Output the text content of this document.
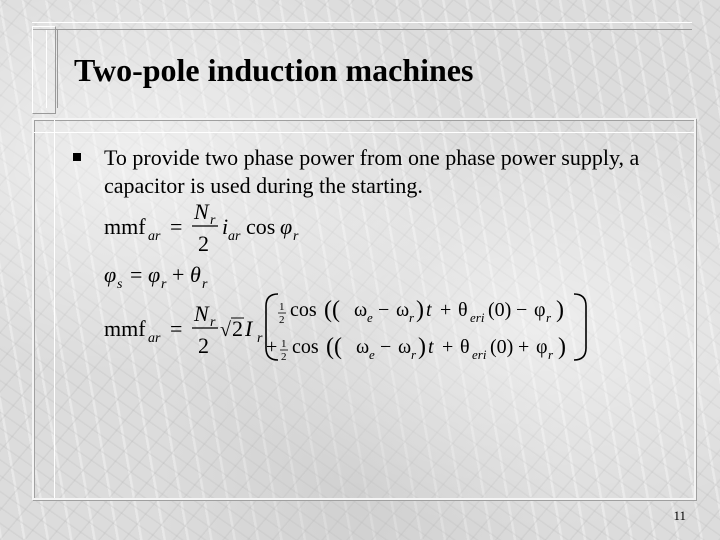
Two-pole induction machines

To provide two phase power from one phase power supply, a capacitor is used during the starting.

mmf ar =
N r
2
i ar cos φ r
φ s = φ r + θ r
mmf ar =
N r
2
√ 2 I r
1
2 cos (( ω e − ω r ) t + θ eri (0) − φ r )
+ 1
2 cos (( ω e − ω r ) t + θ eri (0) + φ r )
11
